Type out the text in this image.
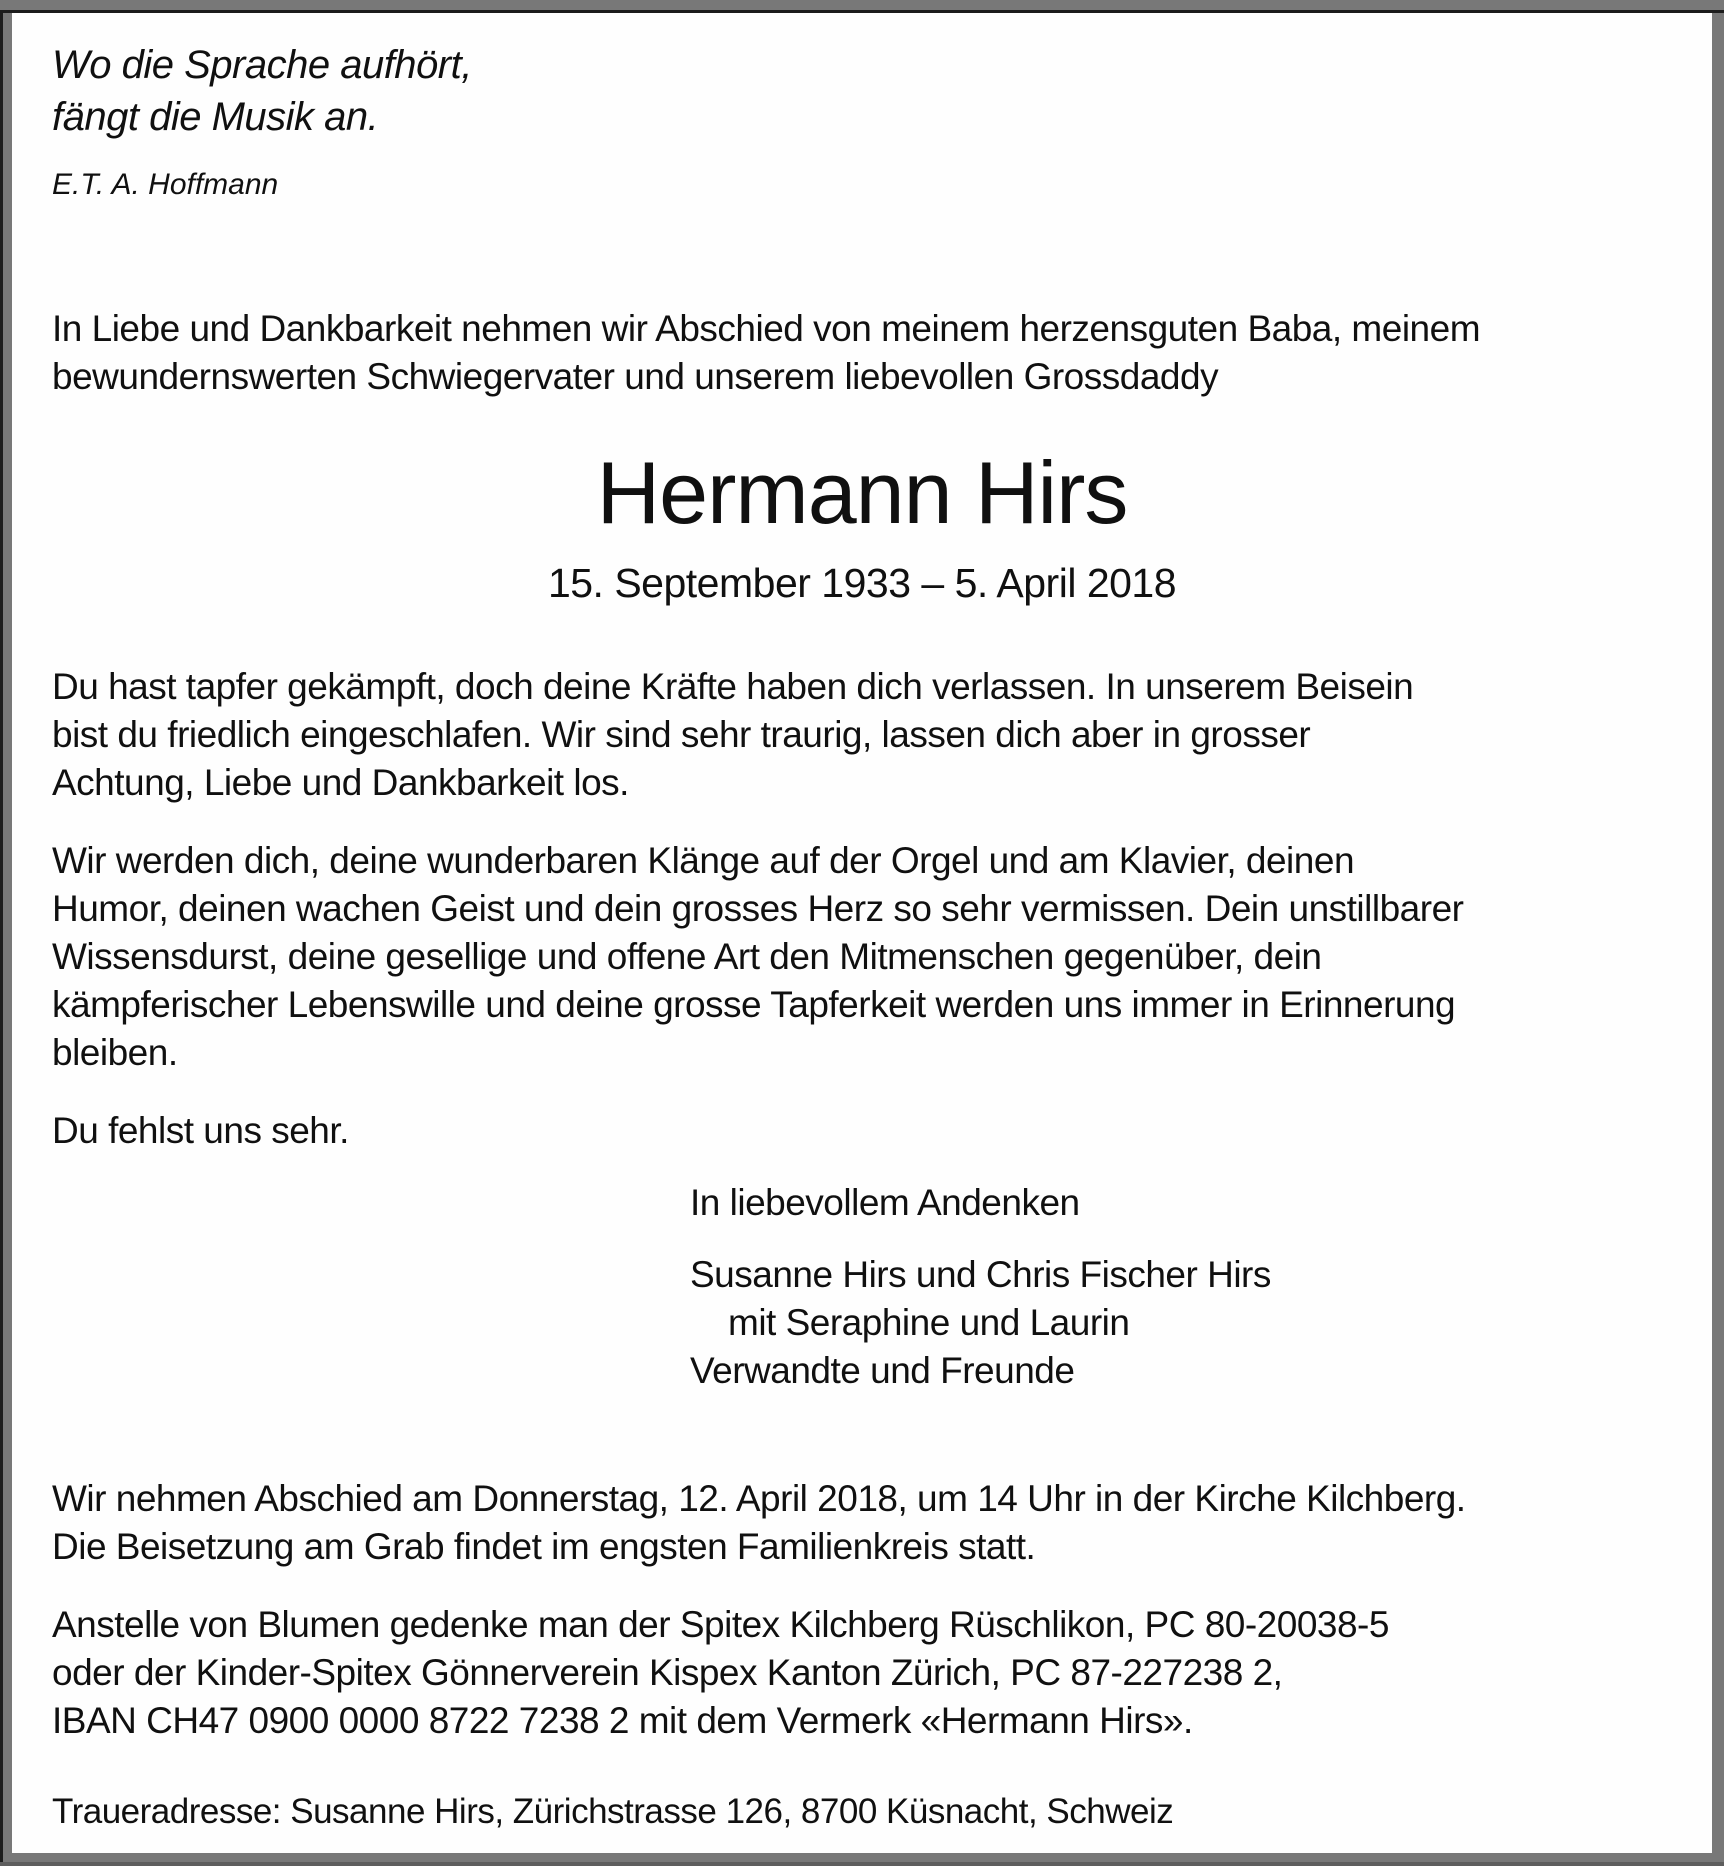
Wo die Sprache aufhört,
fängt die Musik an.
E.T. A. Hoffmann
In Liebe und Dankbarkeit nehmen wir Abschied von meinem herzensguten Baba, meinem
bewundernswerten Schwiegervater und unserem liebevollen Grossdaddy
Hermann Hirs
15. September 1933 – 5. April 2018
Du hast tapfer gekämpft, doch deine Kräfte haben dich verlassen. In unserem Beisein
bist du friedlich eingeschlafen. Wir sind sehr traurig, lassen dich aber in grosser
Achtung, Liebe und Dankbarkeit los.
Wir werden dich, deine wunderbaren Klänge auf der Orgel und am Klavier, deinen
Humor, deinen wachen Geist und dein grosses Herz so sehr vermissen. Dein unstillbarer
Wissensdurst, deine gesellige und offene Art den Mitmenschen gegenüber, dein
kämpferischer Lebenswille und deine grosse Tapferkeit werden uns immer in Erinnerung
bleiben.
Du fehlst uns sehr.
In liebevollem Andenken
Susanne Hirs und Chris Fischer Hirs
mit Seraphine und Laurin
Verwandte und Freunde
Wir nehmen Abschied am Donnerstag, 12. April 2018, um 14 Uhr in der Kirche Kilchberg.
Die Beisetzung am Grab findet im engsten Familienkreis statt.
Anstelle von Blumen gedenke man der Spitex Kilchberg Rüschlikon, PC 80-20038-5
oder der Kinder-Spitex Gönnerverein Kispex Kanton Zürich, PC 87-227238 2,
IBAN CH47 0900 0000 8722 7238 2 mit dem Vermerk «Hermann Hirs».
Traueradresse: Susanne Hirs, Zürichstrasse 126, 8700 Küsnacht, Schweiz
